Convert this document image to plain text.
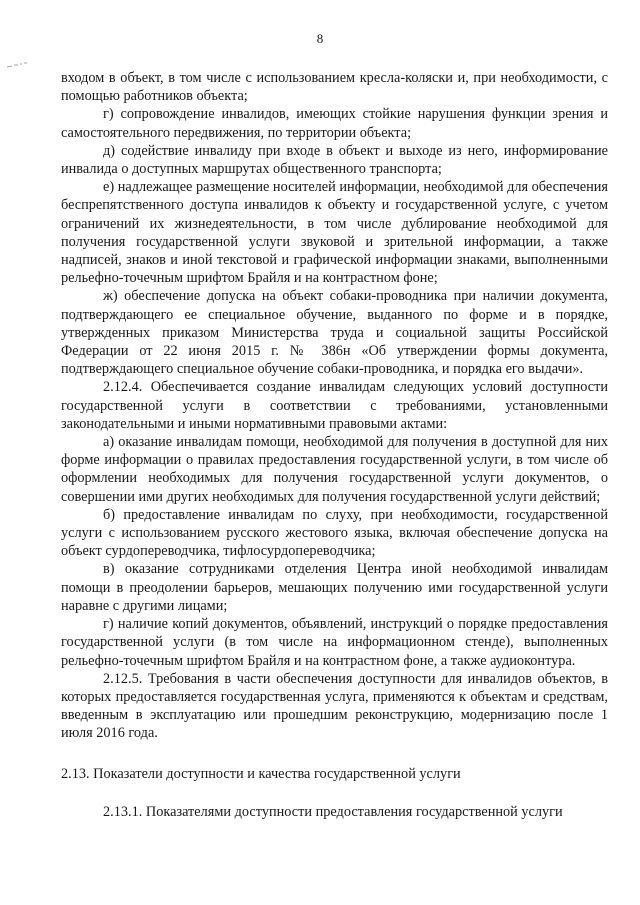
8

входом в объект, в том числе с использованием кресла-коляски и, при необходимости, с помощью работников объекта;

г) сопровождение инвалидов, имеющих стойкие нарушения функции зрения и самостоятельного передвижения, по территории объекта;

д) содействие инвалиду при входе в объект и выходе из него, информирование инвалида о доступных маршрутах общественного транспорта;

е) надлежащее размещение носителей информации, необходимой для обеспечения беспрепятственного доступа инвалидов к объекту и государственной услуге, с учетом ограничений их жизнедеятельности, в том числе дублирование необходимой для получения государственной услуги звуковой и зрительной информации, а также надписей, знаков и иной текстовой и графической информации знаками, выполненными рельефно-точечным шрифтом Брайля и на контрастном фоне;

ж) обеспечение допуска на объект собаки-проводника при наличии документа, подтверждающего ее специальное обучение, выданного по форме и в порядке, утвержденных приказом Министерства труда и социальной защиты Российской Федерации от 22 июня 2015 г. № 386н «Об утверждении формы документа, подтверждающего специальное обучение собаки-проводника, и порядка его выдачи».

2.12.4. Обеспечивается создание инвалидам следующих условий доступности государственной услуги в соответствии с требованиями, установленными законодательными и иными нормативными правовыми актами:

а) оказание инвалидам помощи, необходимой для получения в доступной для них форме информации о правилах предоставления государственной услуги, в том числе об оформлении необходимых для получения государственной услуги документов, о совершении ими других необходимых для получения государственной услуги действий;

б) предоставление инвалидам по слуху, при необходимости, государственной услуги с использованием русского жестового языка, включая обеспечение допуска на объект сурдопереводчика, тифлосурдопереводчика;

в) оказание сотрудниками отделения Центра иной необходимой инвалидам помощи в преодолении барьеров, мешающих получению ими государственной услуги наравне с другими лицами;

г) наличие копий документов, объявлений, инструкций о порядке предоставления государственной услуги (в том числе на информационном стенде), выполненных рельефно-точечным шрифтом Брайля и на контрастном фоне, а также аудиоконтура.

2.12.5. Требования в части обеспечения доступности для инвалидов объектов, в которых предоставляется государственная услуга, применяются к объектам и средствам, введенным в эксплуатацию или прошедшим реконструкцию, модернизацию после 1 июля 2016 года.

2.13. Показатели доступности и качества государственной услуги

2.13.1. Показателями доступности предоставления государственной услуги
